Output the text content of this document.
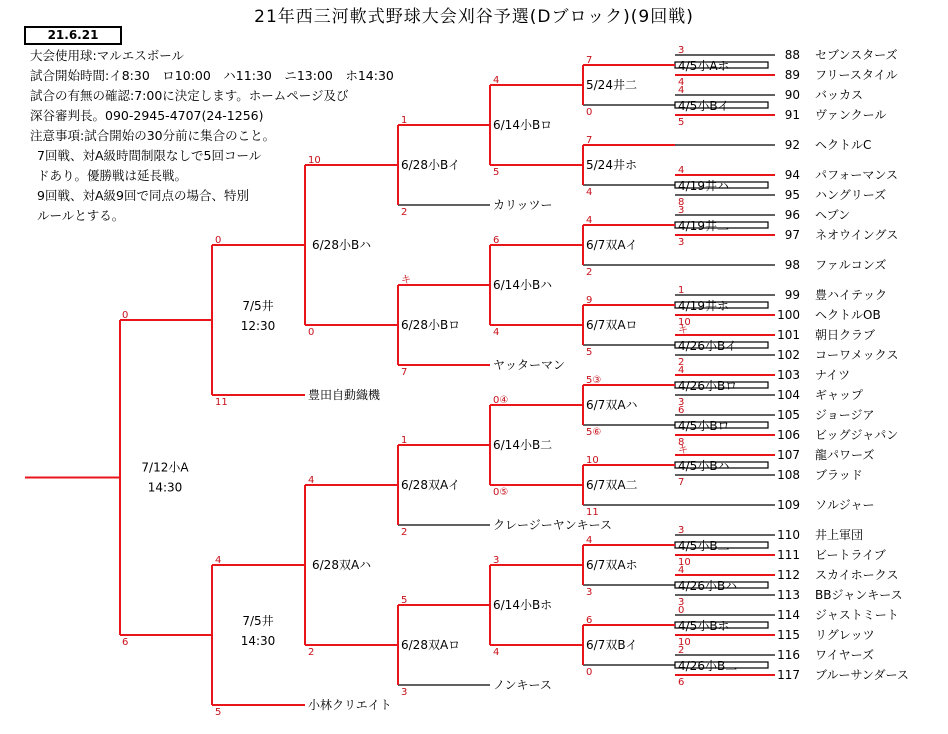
21年西三河軟式野球大会刈谷予選(Dブロック)(9回戦)
21.6.21
大会使用球:マルエスボール
試合開始時間:イ8:30　ロ10:00　ハ11:30　ニ13:00　ホ14:30
試合の有無の確認:7:00に決定します。ホームページ及び
深谷審判長。090-2945-4707(24-1256)
注意事項:試合開始の30分前に集合のこと。
7回戦、対A級時間制限なしで5回コール
ドあり。優勝戦は延長戦。
9回戦、対A級9回で同点の場合、特別
ルールとする。
88 セブンスターズ
89 フリースタイル
90 バッカス
91 ヴァンクール
92 ヘクトルC
94 パフォーマンス
95 ハングリーズ
96 ヘブン
97 ネオウイングス
98 ファルコンズ
99 豊ハイテック
100 ヘクトルOB
101 朝日クラブ
102 コーワメックス
103 ナイツ
104 ギャップ
105 ジョージア
106 ビッグジャパン
107 龍パワーズ
108 ブラッド
109 ソルジャー
110 井上軍団
111 ビートライブ
112 スカイホークス
113 BBジャンキース
114 ジャストミート
115 リグレッツ
116 ワイヤーズ
117 ブルーサンダース
4/5小Aホ
3
4
4/5小Bイ
4
5
4/19井ハ
4
8
4/19井二
3
3
4/19井ホ
1
10
4/26小Bイ
キ
2
4/26小Bロ
4
3
4/5小Bロ
6
8
4/5小Bハ
キ
7
4/5小B二
3
10
4/26小Bハ
4
3
4/5小Bホ
0
10
4/26小B二
2
6
5/24井二
7
0
5/24井ホ
7
4
6/7双Aイ
4
2
6/7双Aロ
9
5
6/7双Aハ
5③
5⑥
6/7双A二
10
11
6/7双Aホ
4
3
6/7双Bイ
6
0
カリッツー
ヤッターマン
クレージーヤンキース
ノンキース
6/14小Bロ
4
5
6/14小Bハ
6
4
6/14小B二
0④
0⑤
6/14小Bホ
3
4
6/28小Bイ
1
2
6/28小Bロ
キ
7
6/28双Aイ
1
2
6/28双Aロ
5
3
6/28小Bハ
10
0
6/28双Aハ
4
2
豊田自動織機
小林クリエイト
7/5井
12:30
0
11
7/5井
14:30
4
5
7/12小A
14:30
0
6
